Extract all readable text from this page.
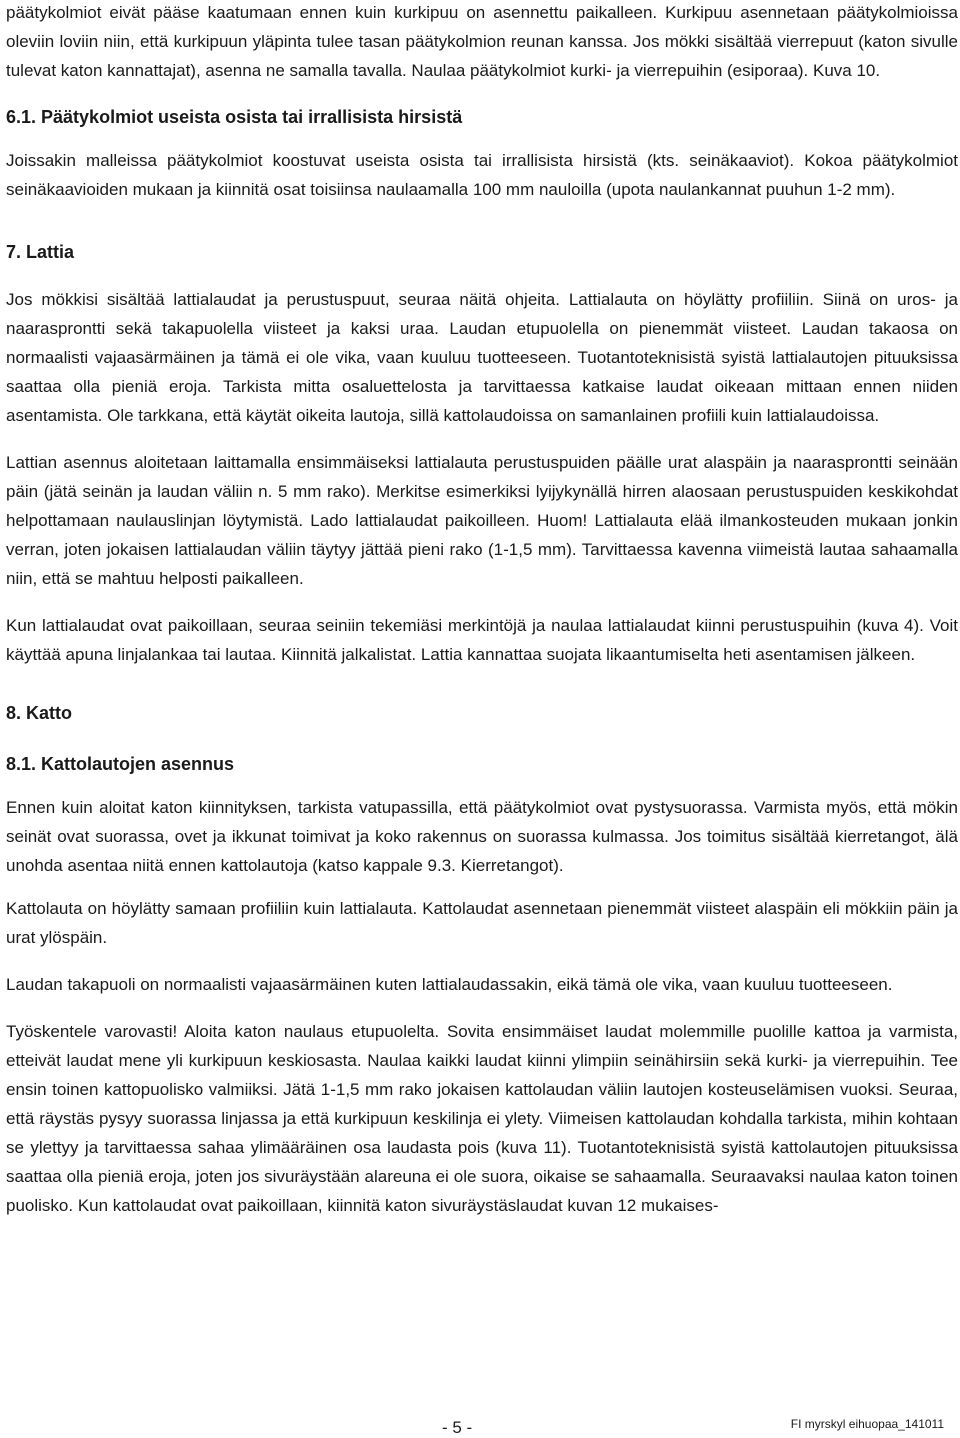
päätykolmiot eivät pääse kaatumaan ennen kuin kurkipuu on asennettu paikalleen. Kurkipuu asennetaan päätykolmioissa oleviin loviin niin, että kurkipuun yläpinta tulee tasan päätykolmion reunan kanssa. Jos mökki sisältää vierrepuut (katon sivulle tulevat katon kannattajat), asenna ne samalla tavalla. Naulaa päätykolmiot kurki- ja vierrepuihin (esiporaa). Kuva 10.

6.1. Päätykolmiot useista osista tai irrallisista hirsistä

Joissakin malleissa päätykolmiot koostuvat useista osista tai irrallisista hirsistä (kts. seinäkaaviot). Kokoa päätykolmiot seinäkaavioiden mukaan ja kiinnitä osat toisiinsa naulaamalla 100 mm nauloilla (upota naulankannat puuhun 1-2 mm).

7. Lattia

Jos mökkisi sisältää lattialaudat ja perustuspuut, seuraa näitä ohjeita. Lattialauta on höylätty profiiliin. Siinä on uros- ja naarasprontti sekä takapuolella viisteet ja kaksi uraa. Laudan etupuolella on pienemmät viisteet. Laudan takaosa on normaalisti vajaasärmäinen ja tämä ei ole vika, vaan kuuluu tuotteeseen. Tuotantoteknisistä syistä lattialautojen pituuksissa saattaa olla pieniä eroja. Tarkista mitta osaluettelosta ja tarvittaessa katkaise laudat oikeaan mittaan ennen niiden asentamista. Ole tarkkana, että käytät oikeita lautoja, sillä kattolaudoissa on samanlainen profiili kuin lattialaudoissa.

Lattian asennus aloitetaan laittamalla ensimmäiseksi lattialauta perustuspuiden päälle urat alaspäin ja naarasprontti seinään päin (jätä seinän ja laudan väliin n. 5 mm rako). Merkitse esimerkiksi lyijykynällä hirren alaosaan perustuspuiden keskikohdat helpottamaan naulauslinjan löytymistä. Lado lattialaudat paikoilleen. Huom! Lattialauta elää ilmankosteuden mukaan jonkin verran, joten jokaisen lattialaudan väliin täytyy jättää pieni rako (1-1,5 mm). Tarvittaessa kavenna viimeistä lautaa sahaamalla niin, että se mahtuu helposti paikalleen.

Kun lattialaudat ovat paikoillaan, seuraa seiniin tekemiäsi merkintöjä ja naulaa lattialaudat kiinni perustuspuihin (kuva 4). Voit käyttää apuna linjalankaa tai lautaa. Kiinnitä jalkalistat. Lattia kannattaa suojata likaantumiselta heti asentamisen jälkeen.

8. Katto
8.1. Kattolautojen asennus

Ennen kuin aloitat katon kiinnityksen, tarkista vatupassilla, että päätykolmiot ovat pystysuorassa. Varmista myös, että mökin seinät ovat suorassa, ovet ja ikkunat toimivat ja koko rakennus on suorassa kulmassa. Jos toimitus sisältää kierretangot, älä unohda asentaa niitä ennen kattolautoja (katso kappale 9.3. Kierretangot).

Kattolauta on höylätty samaan profiiliin kuin lattialauta. Kattolaudat asennetaan pienemmät viisteet alaspäin eli mökkiin päin ja urat ylöspäin.

Laudan takapuoli on normaalisti vajaasärmäinen kuten lattialaudassakin, eikä tämä ole vika, vaan kuuluu tuotteeseen.

Työskentele varovasti! Aloita katon naulaus etupuolelta. Sovita ensimmäiset laudat molemmille puolille kattoa ja varmista, etteivät laudat mene yli kurkipuun keskiosasta. Naulaa kaikki laudat kiinni ylimpiin seinähirsiin sekä kurki- ja vierrepuihin. Tee ensin toinen kattopuolisko valmiiksi. Jätä 1-1,5 mm rako jokaisen kattolaudan väliin lautojen kosteuselämisen vuoksi. Seuraa, että räystäs pysyy suorassa linjassa ja että kurkipuun keskilinja ei ylety. Viimeisen kattolaudan kohdalla tarkista, mihin kohtaan se ylettyy ja tarvittaessa sahaa ylimääräinen osa laudasta pois (kuva 11). Tuotantoteknisistä syistä kattolautojen pituuksissa saattaa olla pieniä eroja, joten jos sivuräystään alareuna ei ole suora, oikaise se sahaamalla. Seuraavaksi naulaa katon toinen puolisko. Kun kattolaudat ovat paikoillaan, kiinnitä katon sivuräystäslaudat kuvan 12 mukaises-

- 5 -	FI myrskyl eihuopaa_141011
